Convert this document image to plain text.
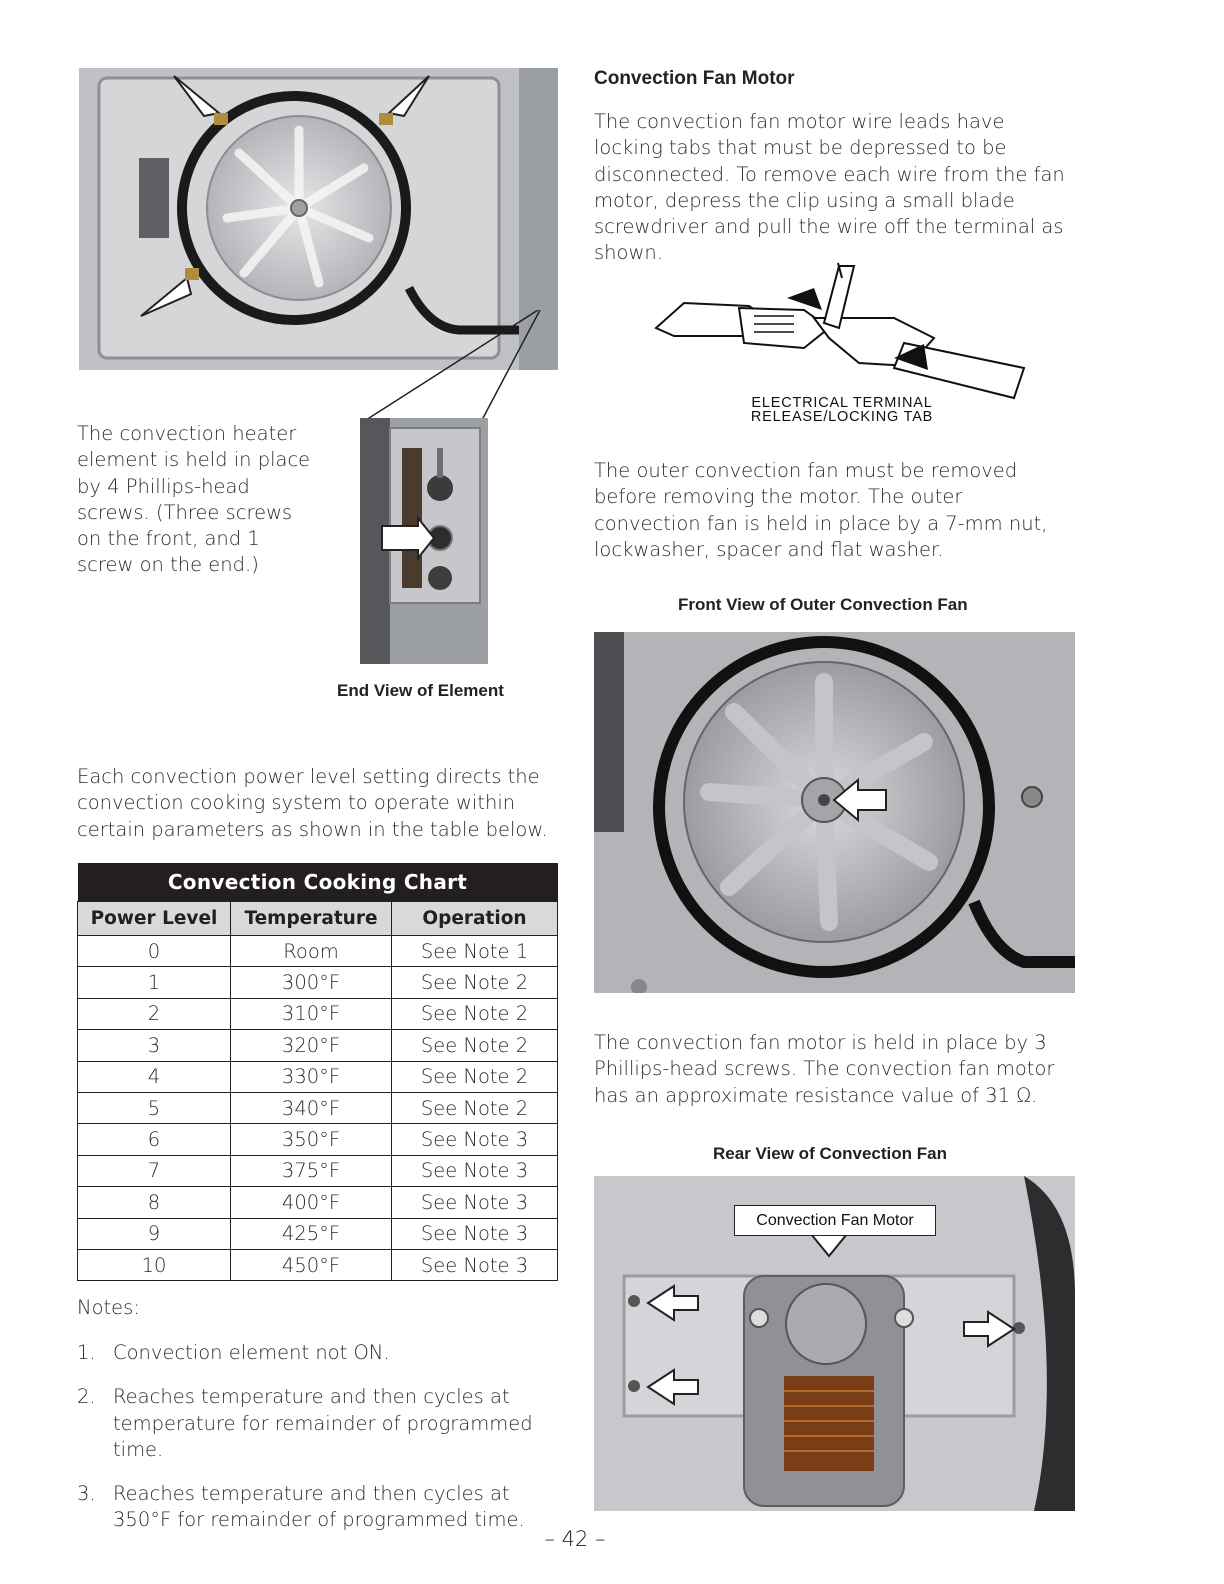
The convection heater element is held in place by 4 Phillips-head screws. (Three screws on the front, and 1 screw on the end.)
End View of Element
Each convection power level setting directs the convection cooking system to operate within certain parameters as shown in the table below.
Convection Cooking Chart		
Power Level	Temperature	Operation
0	Room	See Note 1
1	300°F	See Note 2
2	310°F	See Note 2
3	320°F	See Note 2
4	330°F	See Note 2
5	340°F	See Note 2
6	350°F	See Note 3
7	375°F	See Note 3
8	400°F	See Note 3
9	425°F	See Note 3
10	450°F	See Note 3
Notes:
1. Convection element not ON.
2. Reaches temperature and then cycles at temperature for remainder of programmed time.
3. Reaches temperature and then cycles at 350°F for remainder of programmed time.
Convection Fan Motor
The convection fan motor wire leads have locking tabs that must be depressed to be disconnected. To remove each wire from the fan motor, depress the clip using a small blade screwdriver and pull the wire off the terminal as shown.
ELECTRICAL TERMINAL
RELEASE/LOCKING TAB
The outer convection fan must be removed before removing the motor. The outer convection fan is held in place by a 7-mm nut, lockwasher, spacer and flat washer.
Front View of Outer Convection Fan
The convection fan motor is held in place by 3 Phillips-head screws. The convection fan motor has an approximate resistance value of 31 Ω.
Rear View of Convection Fan
Convection Fan Motor
– 42 –
